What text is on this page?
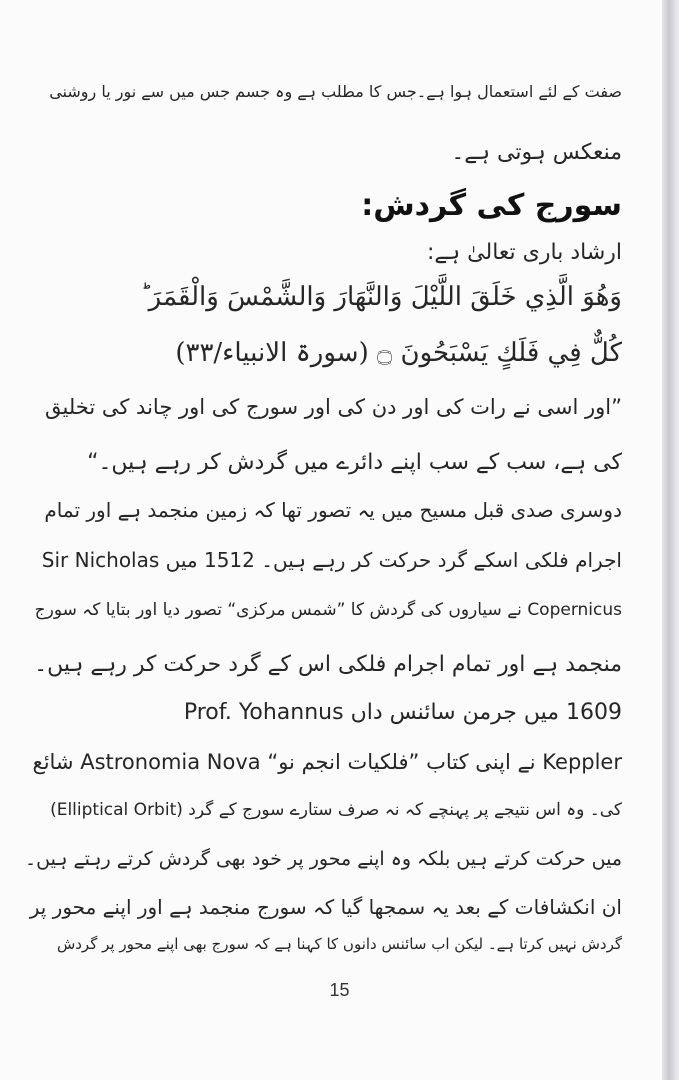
صفت کے لئے استعمال ہوا ہے۔جس کا مطلب ہے وہ جسم جس میں سے نور یا روشنی
منعکس ہوتی ہے۔
سورج کی گردش:
ارشاد باری تعالیٰ ہے:
وَهُوَ الَّذِي خَلَقَ اللَّيْلَ وَالنَّهَارَ وَالشَّمْسَ وَالْقَمَرَ ؕ
كُلٌّ فِي فَلَكٍ يَسْبَحُونَ ۝ (سورۃ الانبیاء/۳۳)
”اور اسی نے رات کی اور دن کی اور سورج کی اور چاند کی تخلیق
کی ہے، سب کے سب اپنے دائرے میں گردش کر رہے ہیں۔“
دوسری صدی قبل مسیح میں یہ تصور تھا کہ زمین منجمد ہے اور تمام
اجرام فلکی اسکے گرد حرکت کر رہے ہیں۔ 1512 میں Sir Nicholas
Copernicus نے سیاروں کی گردش کا ”شمس مرکزی“ تصور دیا اور بتایا کہ سورج
منجمد ہے اور تمام اجرام فلکی اس کے گرد حرکت کر رہے ہیں۔
1609 میں جرمن سائنس داں Prof. Yohannus
Keppler نے اپنی کتاب ”فلکیات انجم نو“ Astronomia Nova شائع
کی۔ وہ اس نتیجے پر پہنچے کہ نہ صرف ستارے سورج کے گرد (Elliptical Orbit)
میں حرکت کرتے ہیں بلکہ وہ اپنے محور پر خود بھی گردش کرتے رہتے ہیں۔
ان انکشافات کے بعد یہ سمجھا گیا کہ سورج منجمد ہے اور اپنے محور پر
گردش نہیں کرتا ہے۔ لیکن اب سائنس دانوں کا کہنا ہے کہ سورج بھی اپنے محور پر گردش
15
